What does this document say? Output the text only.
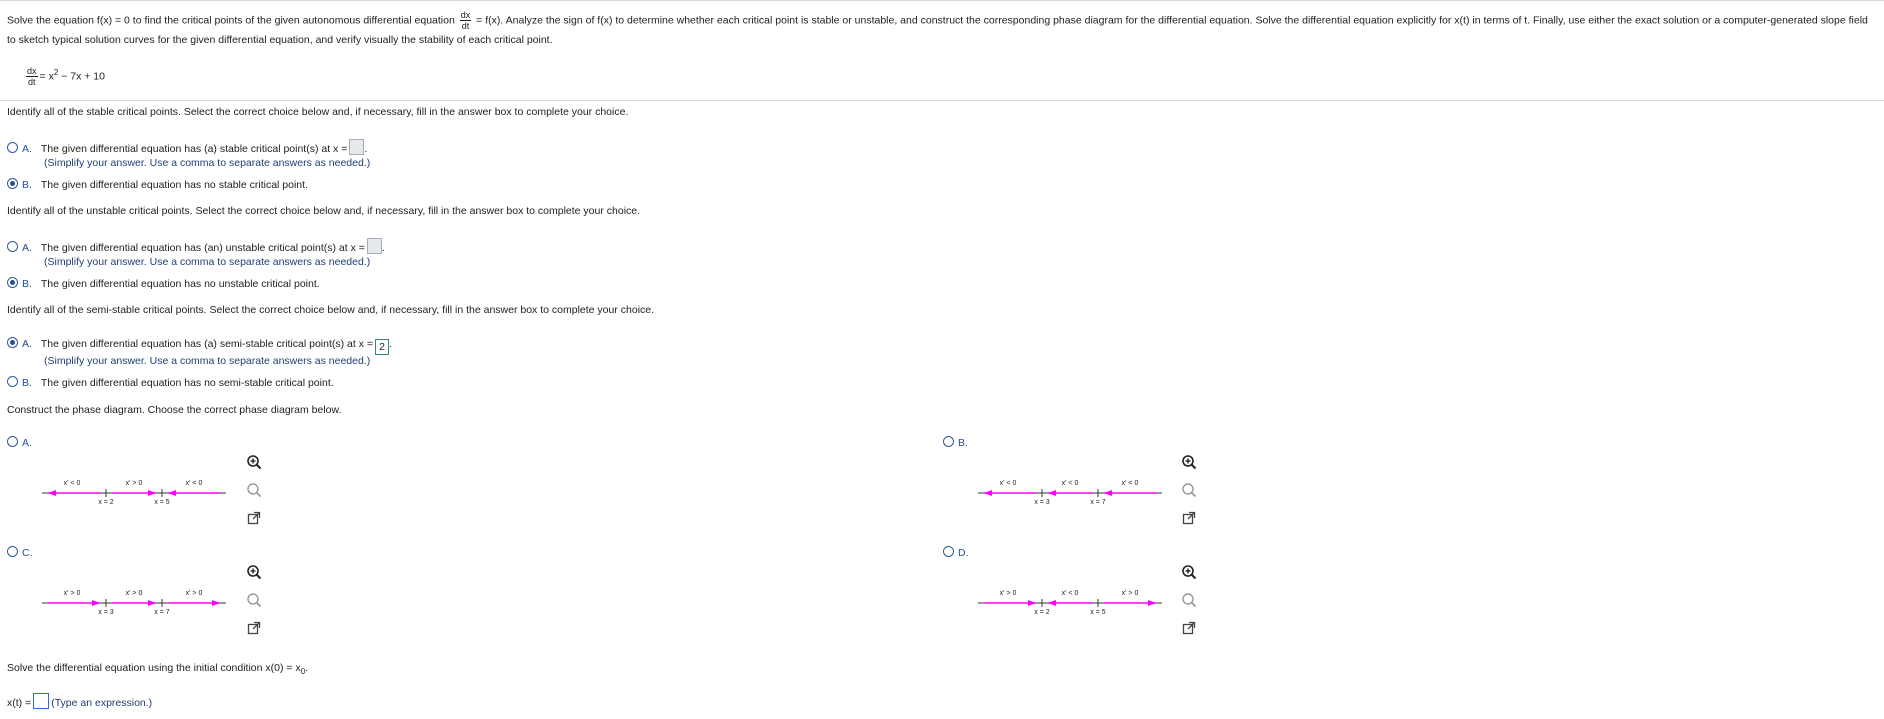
Solve the equation f(x) = 0 to find the critical points of the given autonomous differential equation $\frac{dx}{dt} = f(x)$. Analyze the sign of f(x) to determine whether each critical point is stable or unstable, and construct the corresponding phase diagram for the differential equation. Solve the differential equation explicitly for x(t) in terms of t. Finally, use either the exact solution or a computer-generated slope field to sketch typical solution curves for the given differential equation, and verify visually the stability of each critical point.
$\frac{dx}{dt} = x^2 - 7x + 10$
Identify all of the stable critical points. Select the correct choice below and, if necessary, fill in the answer box to complete your choice.
A. The given differential equation has (a) stable critical point(s) at x = .
(Simplify your answer. Use a comma to separate answers as needed.)
B. The given differential equation has no stable critical point.
Identify all of the unstable critical points. Select the correct choice below and, if necessary, fill in the answer box to complete your choice.
A. The given differential equation has (an) unstable critical point(s) at x = .
(Simplify your answer. Use a comma to separate answers as needed.)
B. The given differential equation has no unstable critical point.
Identify all of the semi-stable critical points. Select the correct choice below and, if necessary, fill in the answer box to complete your choice.
A. The given differential equation has (a) semi-stable critical point(s) at x = 2 .
(Simplify your answer. Use a comma to separate answers as needed.)
B. The given differential equation has no semi-stable critical point.
Construct the phase diagram. Choose the correct phase diagram below.
A.	B.
C.	D.
x = 2	x = 5
x' < 0	x' > 0	x' < 0
x = 3	x = 7
x' < 0	x' < 0	x' < 0
x = 3	x = 7
x' > 0	x' > 0	x' > 0
x = 2	x = 5
x' > 0	x' < 0	x' > 0
Solve the differential equation using the initial condition $x(0) = x_0$.
x(t) = (Type an expression.)
